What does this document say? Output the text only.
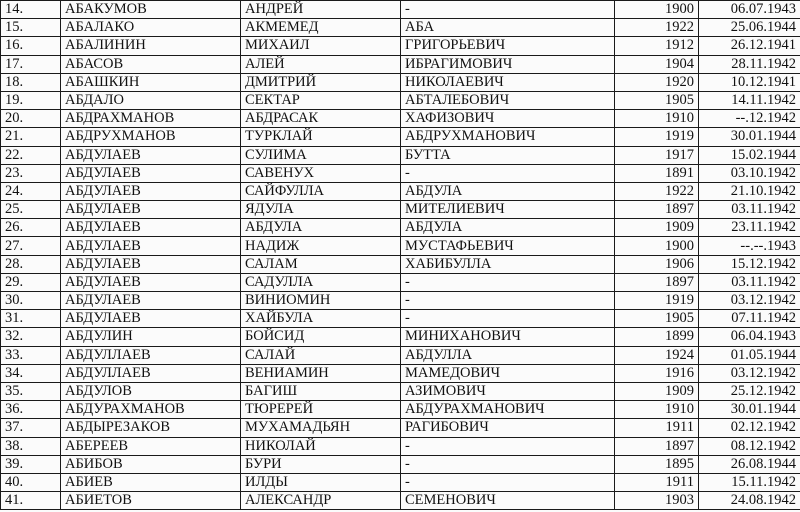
14.	АБАКУМОВ	АНДРЕЙ	-	1900	06.07.1943
15.	АБАЛАКО	АКМЕМЕД	АБА	1922	25.06.1944
16.	АБАЛИНИН	МИХАИЛ	ГРИГОРЬЕВИЧ	1912	26.12.1941
17.	АБАСОВ	АЛЕЙ	ИБРАГИМОВИЧ	1904	28.11.1942
18.	АБАШКИН	ДМИТРИЙ	НИКОЛАЕВИЧ	1920	10.12.1941
19.	АБДАЛО	СЕКТАР	АБТАЛЕБОВИЧ	1905	14.11.1942
20.	АБДРАХМАНОВ	АБДРАСАК	ХАФИЗОВИЧ	1910	--.12.1942
21.	АБДРУХМАНОВ	ТУРКЛАЙ	АБДРУХМАНОВИЧ	1919	30.01.1944
22.	АБДУЛАЕВ	СУЛИМА	БУТТА	1917	15.02.1944
23.	АБДУЛАЕВ	САВЕНУХ	-	1891	03.10.1942
24.	АБДУЛАЕВ	САЙФУЛЛА	АБДУЛА	1922	21.10.1942
25.	АБДУЛАЕВ	ЯДУЛА	МИТЕЛИЕВИЧ	1897	03.11.1942
26.	АБДУЛАЕВ	АБДУЛА	АБДУЛА	1909	23.11.1942
27.	АБДУЛАЕВ	НАДИЖ	МУСТАФЬЕВИЧ	1900	--.--.1943
28.	АБДУЛАЕВ	САЛАМ	ХАБИБУЛЛА	1906	15.12.1942
29.	АБДУЛАЕВ	САДУЛЛА	-	1897	03.11.1942
30.	АБДУЛАЕВ	ВИНИОМИН	-	1919	03.12.1942
31.	АБДУЛАЕВ	ХАЙБУЛА	-	1905	07.11.1942
32.	АБДУЛИН	БОЙСИД	МИНИХАНОВИЧ	1899	06.04.1943
33.	АБДУЛЛАЕВ	САЛАЙ	АБДУЛЛА	1924	01.05.1944
34.	АБДУЛЛАЕВ	ВЕНИАМИН	МАМЕДОВИЧ	1916	03.12.1942
35.	АБДУЛОВ	БАГИШ	АЗИМОВИЧ	1909	25.12.1942
36.	АБДУРАХМАНОВ	ТЮРЕРЕЙ	АБДУРАХМАНОВИЧ	1910	30.01.1944
37.	АБДЫРЕЗАКОВ	МУХАМАДЬЯН	РАГИБОВИЧ	1911	02.12.1942
38.	АБЕРЕЕВ	НИКОЛАЙ	-	1897	08.12.1942
39.	АБИБОВ	БУРИ	-	1895	26.08.1944
40.	АБИЕВ	ИЛДЫ	-	1911	15.11.1942
41.	АБИЕТОВ	АЛЕКСАНДР	СЕМЕНОВИЧ	1903	24.08.1942
